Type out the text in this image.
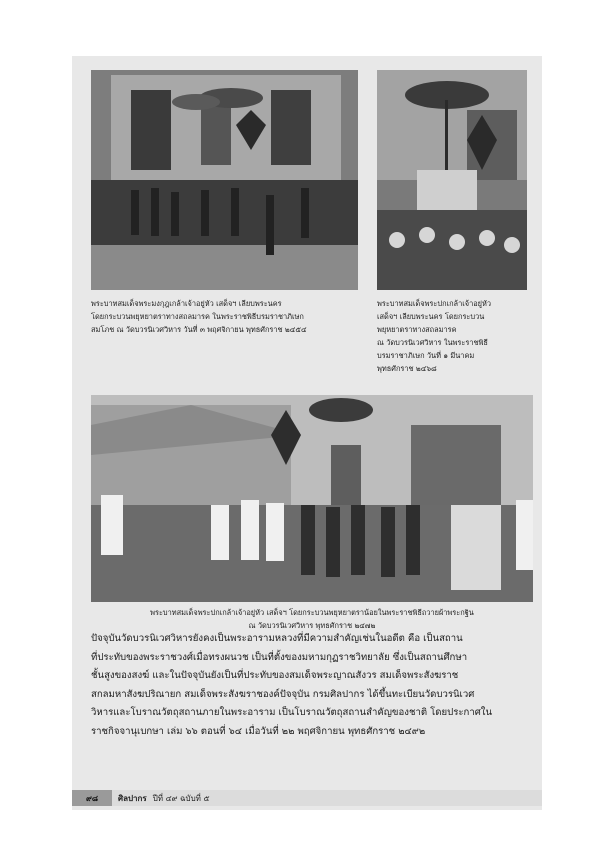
พระบาทสมเด็จพระมงกุฎเกล้าเจ้าอยู่หัว เสด็จฯ เลียบพระนคร
โดยกระบวนพยุหยาตราทางสถลมารค ในพระราชพิธีบรมราชาภิเษก
สมโภช ณ วัดบวรนิเวศวิหาร วันที่ ๓ พฤศจิกายน พุทธศักราช ๒๔๕๔
พระบาทสมเด็จพระปกเกล้าเจ้าอยู่หัว
เสด็จฯ เลียบพระนคร โดยกระบวน
พยุหยาตราทางสถลมารค
ณ วัดบวรนิเวศวิหาร ในพระราชพิธี
บรมราชาภิเษก วันที่ ๑ มีนาคม
พุทธศักราช ๒๔๖๘
พระบาทสมเด็จพระปกเกล้าเจ้าอยู่หัว เสด็จฯ โดยกระบวนพยุหยาตราน้อยในพระราชพิธีถวายผ้าพระกฐิน
ณ วัดบวรนิเวศวิหาร พุทธศักราช ๒๔๗๒
ปัจจุบันวัดบวรนิเวศวิหารยังคงเป็นพระอารามหลวงที่มีความสำคัญเช่นในอดีต คือ เป็นสถาน
ที่ประทับของพระราชวงศ์เมื่อทรงผนวช เป็นที่ตั้งของมหามกุฏราชวิทยาลัย ซึ่งเป็นสถานศึกษา
ชั้นสูงของสงฆ์ และในปัจจุบันยังเป็นที่ประทับของสมเด็จพระญาณสังวร สมเด็จพระสังฆราช
สกลมหาสังฆปริณายก สมเด็จพระสังฆราชองค์ปัจจุบัน กรมศิลปากร ได้ขึ้นทะเบียนวัดบวรนิเวศ
วิหารและโบราณวัตถุสถานภายในพระอาราม เป็นโบราณวัตถุสถานสำคัญของชาติ โดยประกาศใน
ราชกิจจานุเบกษา เล่ม ๖๖ ตอนที่ ๖๔ เมื่อวันที่ ๒๒ พฤศจิกายน พุทธศักราช ๒๔๙๒
๙๘	ศิลปากร ปีที่ ๔๙ ฉบับที่ ๕
